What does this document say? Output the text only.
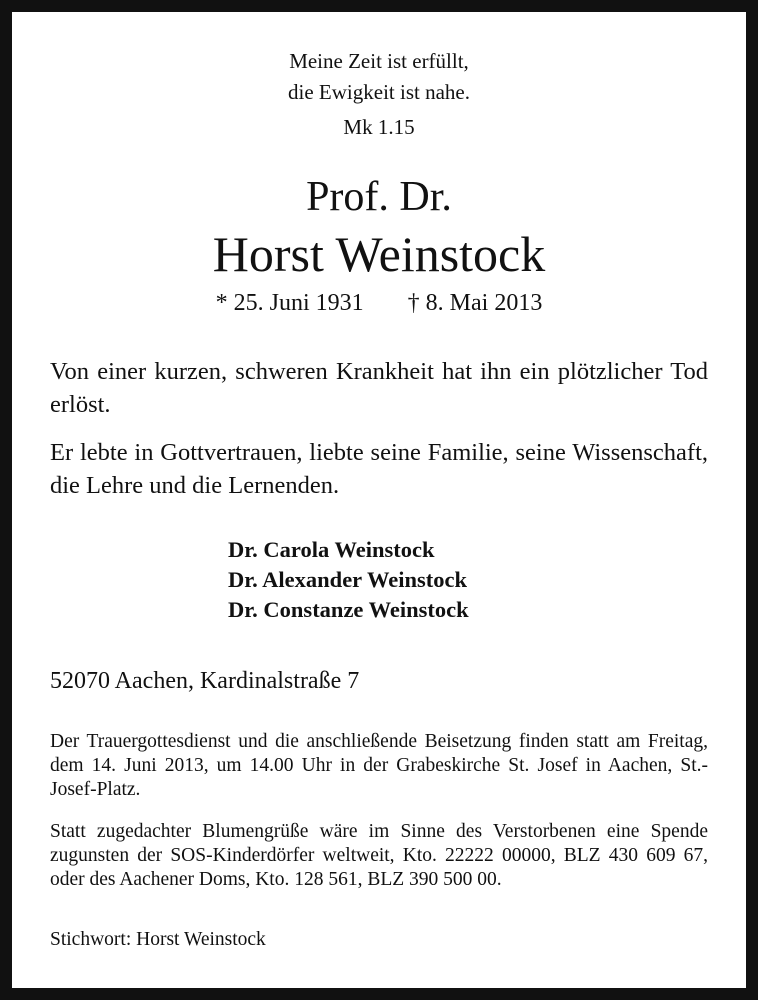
Meine Zeit ist erfüllt,
die Ewigkeit ist nahe.
Mk 1.15
Prof. Dr.
Horst Weinstock
* 25. Juni 1931 † 8. Mai 2013
Von einer kurzen, schweren Krankheit hat ihn ein plötzlicher Tod erlöst.
Er lebte in Gottvertrauen, liebte seine Familie, seine Wissenschaft, die Lehre und die Lernenden.
Dr. Carola Weinstock
Dr. Alexander Weinstock
Dr. Constanze Weinstock
52070 Aachen, Kardinalstraße 7
Der Trauergottesdienst und die anschließende Beisetzung finden statt am Freitag, dem 14. Juni 2013, um 14.00 Uhr in der Grabeskirche St. Josef in Aachen, St.-Josef-Platz.
Statt zugedachter Blumengrüße wäre im Sinne des Verstorbenen eine Spende zugunsten der SOS-Kinderdörfer weltweit, Kto. 22222 00000, BLZ 430 609 67, oder des Aachener Doms, Kto. 128 561, BLZ 390 500 00.
Stichwort: Horst Weinstock
